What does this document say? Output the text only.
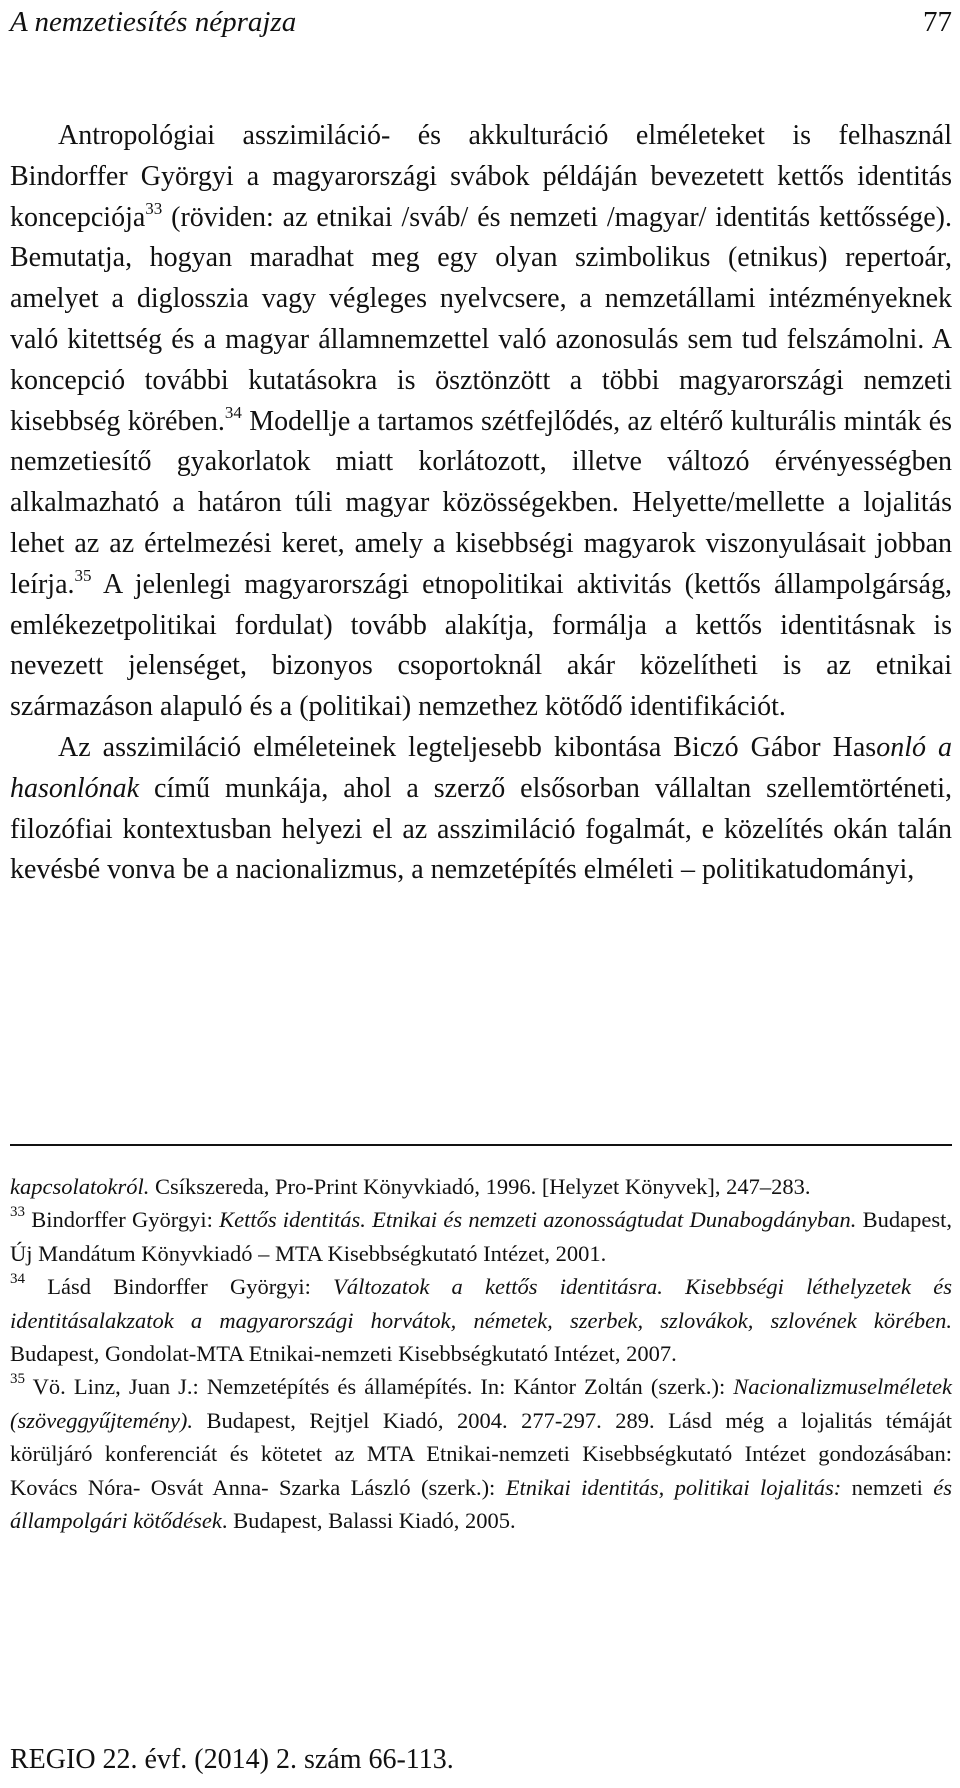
A nemzetiesítés néprajza	77

Antropológiai asszimiláció- és akkulturáció elméleteket is felhasznál Bindorffer Györgyi a magyarországi svábok példáján bevezetett kettős identitás koncepciója$^{33}$ (röviden: az etnikai /sváb/ és nemzeti /magyar/ identitás kettőssége). Bemutatja, hogyan maradhat meg egy olyan szimbolikus (etnikus) repertoár, amelyet a diglosszia vagy végleges nyelvcsere, a nemzetállami intézményeknek való kitettség és a magyar államnemzettel való azonosulás sem tud felszámolni. A koncepció további kutatásokra is ösztönzött a többi magyarországi nemzeti kisebbség körében.$^{34}$ Modellje a tartamos szétfejlődés, az eltérő kulturális minták és nemzetiesítő gyakorlatok miatt korlátozott, illetve változó érvényességben alkalmazható a határon túli magyar közösségekben. Helyette/mellette a lojalitás lehet az az értelmezési keret, amely a kisebbségi magyarok viszonyulásait jobban leírja.$^{35}$ A jelenlegi magyarországi etnopolitikai aktivitás (kettős állampolgárság, emlékezetpolitikai fordulat) tovább alakítja, formálja a kettős identitásnak is nevezett jelenséget, bizonyos csoportoknál akár közelítheti is az etnikai származáson alapuló és a (politikai) nemzethez kötődő identifikációt.

Az asszimiláció elméleteinek legteljesebb kibontása Biczó Gábor Hasonló a hasonlónak című munkája, ahol a szerző elsősorban vállaltan szellemtörténeti, filozófiai kontextusban helyezi el az asszimiláció fogalmát, e közelítés okán talán kevésbé vonva be a nacionalizmus, a nemzetépítés elméleti – politikatudományi,

kapcsolatokról. Csíkszereda, Pro-Print Könyvkiadó, 1996. [Helyzet Könyvek], 247–283.

$^{33}$ Bindorffer Györgyi: Kettős identitás. Etnikai és nemzeti azonosságtudat Dunabogdányban. Budapest, Új Mandátum Könyvkiadó – MTA Kisebbségkutató Intézet, 2001.

$^{34}$ Lásd Bindorffer Györgyi: Változatok a kettős identitásra. Kisebbségi léthelyzetek és identitásalakzatok a magyarországi horvátok, németek, szerbek, szlovákok, szlovének körében. Budapest, Gondolat-MTA Etnikai-nemzeti Kisebbségkutató Intézet, 2007.

$^{35}$ Vö. Linz, Juan J.: Nemzetépítés és államépítés. In: Kántor Zoltán (szerk.): Nacionalizmuselméletek (szöveggyűjtemény). Budapest, Rejtjel Kiadó, 2004. 277-297. 289. Lásd még a lojalitás témáját körüljáró konferenciát és kötetet az MTA Etnikai-nemzeti Kisebbségkutató Intézet gondozásában: Kovács Nóra- Osvát Anna- Szarka László (szerk.): Etnikai identitás, politikai lojalitás: nemzeti és állampolgári kötődések. Budapest, Balassi Kiadó, 2005.

REGIO 22. évf. (2014) 2. szám 66-113.
